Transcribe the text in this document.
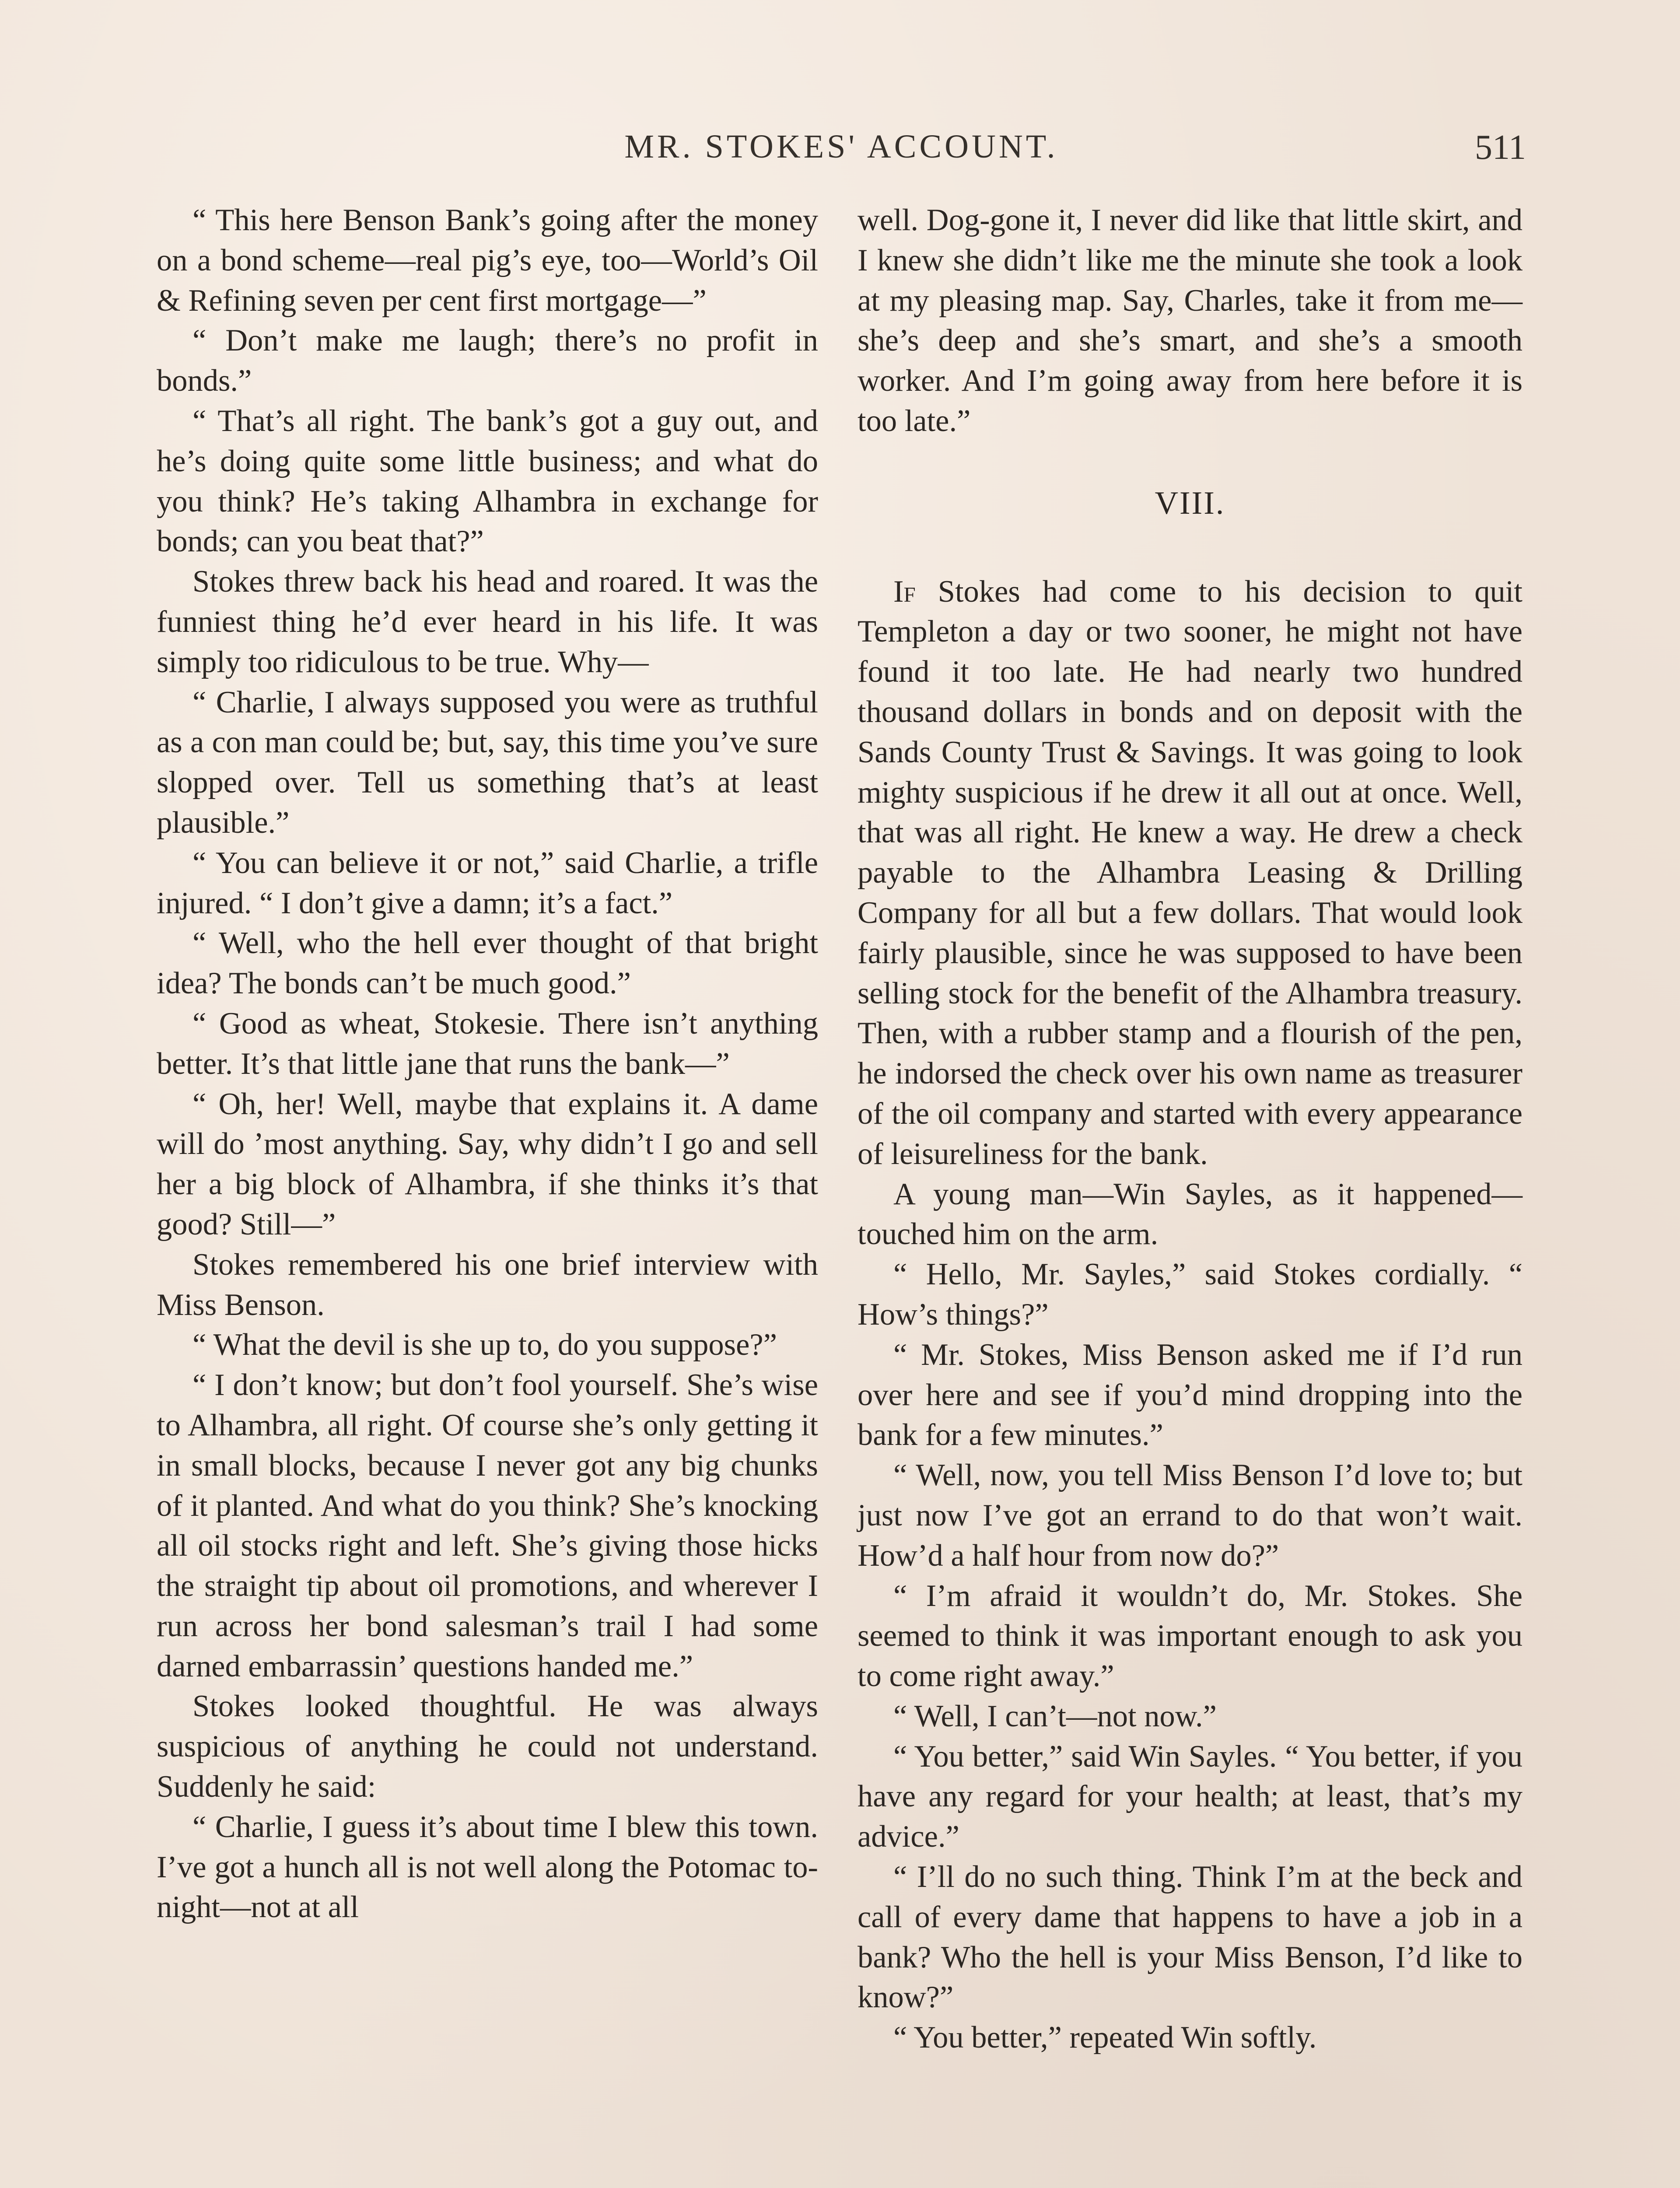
MR. STOKES' ACCOUNT.	511

“ This here Benson Bank’s going after the money on a bond scheme—real pig’s eye, too—World’s Oil & Refining seven per cent first mortgage—”

“ Don’t make me laugh; there’s no profit in bonds.”

“ That’s all right. The bank’s got a guy out, and he’s doing quite some little business; and what do you think? He’s taking Alhambra in exchange for bonds; can you beat that?”

Stokes threw back his head and roared. It was the funniest thing he’d ever heard in his life. It was simply too ridiculous to be true. Why—

“ Charlie, I always supposed you were as truthful as a con man could be; but, say, this time you’ve sure slopped over. Tell us something that’s at least plausible.”

“ You can believe it or not,” said Charlie, a trifle injured. “ I don’t give a damn; it’s a fact.”

“ Well, who the hell ever thought of that bright idea? The bonds can’t be much good.”

“ Good as wheat, Stokesie. There isn’t anything better. It’s that little jane that runs the bank—”

“ Oh, her! Well, maybe that explains it. A dame will do ’most anything. Say, why didn’t I go and sell her a big block of Alhambra, if she thinks it’s that good? Still—”

Stokes remembered his one brief interview with Miss Benson.

“ What the devil is she up to, do you suppose?”

“ I don’t know; but don’t fool yourself. She’s wise to Alhambra, all right. Of course she’s only getting it in small blocks, because I never got any big chunks of it planted. And what do you think? She’s knocking all oil stocks right and left. She’s giving those hicks the straight tip about oil promotions, and wherever I run across her bond salesman’s trail I had some darned embarrassin’ questions handed me.”

Stokes looked thoughtful. He was always suspicious of anything he could not understand. Suddenly he said:

“ Charlie, I guess it’s about time I blew this town. I’ve got a hunch all is not well along the Potomac to-night—not at all

well. Dog-gone it, I never did like that little skirt, and I knew she didn’t like me the minute she took a look at my pleasing map. Say, Charles, take it from me—she’s deep and she’s smart, and she’s a smooth worker. And I’m going away from here before it is too late.”

VIII.

If Stokes had come to his decision to quit Templeton a day or two sooner, he might not have found it too late. He had nearly two hundred thousand dollars in bonds and on deposit with the Sands County Trust & Savings. It was going to look mighty suspicious if he drew it all out at once. Well, that was all right. He knew a way. He drew a check payable to the Alhambra Leasing & Drilling Company for all but a few dollars. That would look fairly plausible, since he was supposed to have been selling stock for the benefit of the Alhambra treasury. Then, with a rubber stamp and a flourish of the pen, he indorsed the check over his own name as treasurer of the oil company and started with every appearance of leisureliness for the bank.

A young man—Win Sayles, as it happened—touched him on the arm.

“ Hello, Mr. Sayles,” said Stokes cordially. “ How’s things?”

“ Mr. Stokes, Miss Benson asked me if I’d run over here and see if you’d mind dropping into the bank for a few minutes.”

“ Well, now, you tell Miss Benson I’d love to; but just now I’ve got an errand to do that won’t wait. How’d a half hour from now do?”

“ I’m afraid it wouldn’t do, Mr. Stokes. She seemed to think it was important enough to ask you to come right away.”

“ Well, I can’t—not now.”

“ You better,” said Win Sayles. “ You better, if you have any regard for your health; at least, that’s my advice.”

“ I’ll do no such thing. Think I’m at the beck and call of every dame that happens to have a job in a bank? Who the hell is your Miss Benson, I’d like to know?”

“ You better,” repeated Win softly.
